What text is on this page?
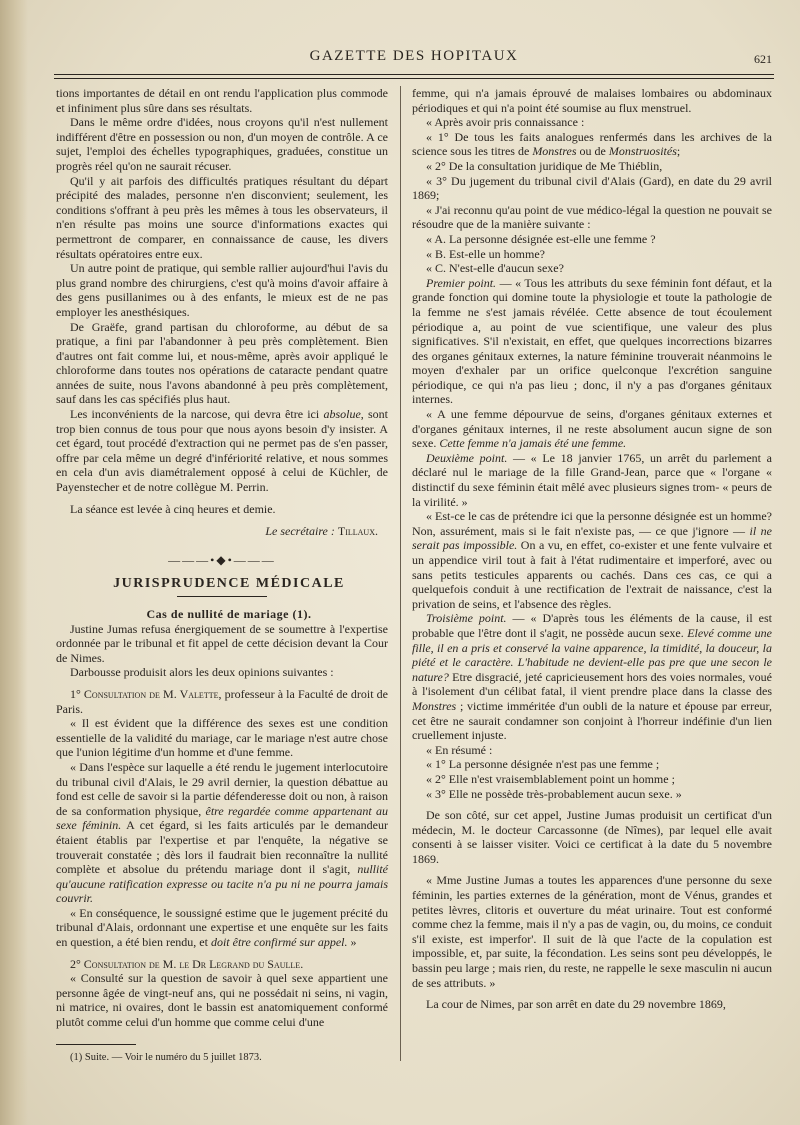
GAZETTE DES HOPITAUX	621

tions importantes de détail en ont rendu l'application plus commode et infiniment plus sûre dans ses résultats.

Dans le même ordre d'idées, nous croyons qu'il n'est nullement indifférent d'être en possession ou non, d'un moyen de contrôle. A ce sujet, l'emploi des échelles typographiques, graduées, constitue un progrès réel qu'on ne saurait récuser.

Qu'il y ait parfois des difficultés pratiques résultant du départ précipité des malades, personne n'en disconvient; seulement, les conditions s'offrant à peu près les mêmes à tous les observateurs, il n'en résulte pas moins une source d'informations exactes qui permettront de comparer, en connaissance de cause, les divers résultats opératoires entre eux.

Un autre point de pratique, qui semble rallier aujourd'hui l'avis du plus grand nombre des chirurgiens, c'est qu'à moins d'avoir affaire à des gens pusillanimes ou à des enfants, le mieux est de ne pas employer les anesthésiques.

De Graëfe, grand partisan du chloroforme, au début de sa pratique, a fini par l'abandonner à peu près complètement. Bien d'autres ont fait comme lui, et nous-même, après avoir appliqué le chloroforme dans toutes nos opérations de cataracte pendant quatre années de suite, nous l'avons abandonné à peu près complètement, sauf dans les cas spécifiés plus haut.

Les inconvénients de la narcose, qui devra être ici absolue, sont trop bien connus de tous pour que nous ayons besoin d'y insister. A cet égard, tout procédé d'extraction qui ne permet pas de s'en passer, offre par cela même un degré d'infériorité relative, et nous sommes en cela d'un avis diamétralement opposé à celui de Küchler, de Payenstecher et de notre collègue M. Perrin.

La séance est levée à cinq heures et demie.

Le secrétaire : Tillaux.

———•◆•———

JURISPRUDENCE MÉDICALE

Cas de nullité de mariage (1).

Justine Jumas refusa énergiquement de se soumettre à l'expertise ordonnée par le tribunal et fit appel de cette décision devant la Cour de Nimes.

Darbousse produisit alors les deux opinions suivantes :

1° Consultation de M. Valette, professeur à la Faculté de droit de Paris.

« Il est évident que la différence des sexes est une condition essentielle de la validité du mariage, car le mariage n'est autre chose que l'union légitime d'un homme et d'une femme.

« Dans l'espèce sur laquelle a été rendu le jugement interlocutoire du tribunal civil d'Alais, le 29 avril dernier, la question débattue au fond est celle de savoir si la partie défenderesse doit ou non, à raison de sa conformation physique, être regardée comme appartenant au sexe féminin. A cet égard, si les faits articulés par le demandeur étaient établis par l'expertise et par l'enquête, la négative se trouverait constatée ; dès lors il faudrait bien reconnaître la nullité complète et absolue du prétendu mariage dont il s'agit, nullité qu'aucune ratification expresse ou tacite n'a pu ni ne pourra jamais couvrir.

« En conséquence, le soussigné estime que le jugement précité du tribunal d'Alais, ordonnant une expertise et une enquête sur les faits en question, a été bien rendu, et doit être confirmé sur appel. »

2° Consultation de M. le Dr Legrand du Saulle.

« Consulté sur la question de savoir à quel sexe appartient une personne âgée de vingt-neuf ans, qui ne possédait ni seins, ni vagin, ni matrice, ni ovaires, dont le bassin est anatomiquement conformé plutôt comme celui d'un homme que comme celui d'une

(1) Suite. — Voir le numéro du 5 juillet 1873.

femme, qui n'a jamais éprouvé de malaises lombaires ou abdominaux périodiques et qui n'a point été soumise au flux menstruel.

« Après avoir pris connaissance :

« 1° De tous les faits analogues renfermés dans les archives de la science sous les titres de Monstres ou de Monstruosités;

« 2° De la consultation juridique de Me Thiéblin,

« 3° Du jugement du tribunal civil d'Alais (Gard), en date du 29 avril 1869;

« J'ai reconnu qu'au point de vue médico-légal la question ne pouvait se résoudre que de la manière suivante :

« A. La personne désignée est-elle une femme ?

« B. Est-elle un homme?

« C. N'est-elle d'aucun sexe?

Premier point. — « Tous les attributs du sexe féminin font défaut, et la grande fonction qui domine toute la physiologie et toute la pathologie de la femme ne s'est jamais révélée. Cette absence de tout écoulement périodique a, au point de vue scientifique, une valeur des plus significatives. S'il n'existait, en effet, que quelques incorrections bizarres des organes génitaux externes, la nature féminine trouverait néanmoins le moyen d'exhaler par un orifice quelconque l'excrétion sanguine périodique, ce qui n'a pas lieu ; donc, il n'y a pas d'organes génitaux internes.

« A une femme dépourvue de seins, d'organes génitaux externes et d'organes génitaux internes, il ne reste absolument aucun signe de son sexe. Cette femme n'a jamais été une femme.

Deuxième point. — « Le 18 janvier 1765, un arrêt du parlement a déclaré nul le mariage de la fille Grand-Jean, parce que « l'organe « distinctif du sexe féminin était mêlé avec plusieurs signes trom- « peurs de la virilité. »

« Est-ce le cas de prétendre ici que la personne désignée est un homme? Non, assurément, mais si le fait n'existe pas, — ce que j'ignore — il ne serait pas impossible. On a vu, en effet, co-exister et une fente vulvaire et un appendice viril tout à fait à l'état rudimentaire et imperforé, avec ou sans petits testicules apparents ou cachés. Dans ces cas, ce qui a quelquefois conduit à une rectification de l'extrait de naissance, c'est la privation de seins, et l'absence des règles.

Troisième point. — « D'après tous les éléments de la cause, il est probable que l'être dont il s'agit, ne possède aucun sexe. Elevé comme une fille, il en a pris et conservé la vaine apparence, la timidité, la douceur, la piété et le caractère. L'habitude ne devient-elle pas pre que une secon le nature? Etre disgracié, jeté capricieusement hors des voies normales, voué à l'isolement d'un célibat fatal, il vient prendre place dans la classe des Monstres ; victime imméritée d'un oubli de la nature et épouse par erreur, cet être ne saurait condamner son conjoint à l'horreur indéfinie d'un lien cruellement injuste.

« En résumé :

« 1° La personne désignée n'est pas une femme ;

« 2° Elle n'est vraisemblablement point un homme ;

« 3° Elle ne possède très-probablement aucun sexe. »

De son côté, sur cet appel, Justine Jumas produisit un certificat d'un médecin, M. le docteur Carcassonne (de Nîmes), par lequel elle avait consenti à se laisser visiter. Voici ce certificat à la date du 5 novembre 1869.

« Mme Justine Jumas a toutes les apparences d'une personne du sexe féminin, les parties externes de la génération, mont de Vénus, grandes et petites lèvres, clitoris et ouverture du méat urinaire. Tout est conformé comme chez la femme, mais il n'y a pas de vagin, ou, du moins, ce conduit s'il existe, est imperfor'. Il suit de là que l'acte de la copulation est impossible, et, par suite, la fécondation. Les seins sont peu développés, le bassin peu large ; mais rien, du reste, ne rappelle le sexe masculin ni aucun de ses attributs. »

La cour de Nimes, par son arrêt en date du 29 novembre 1869,
